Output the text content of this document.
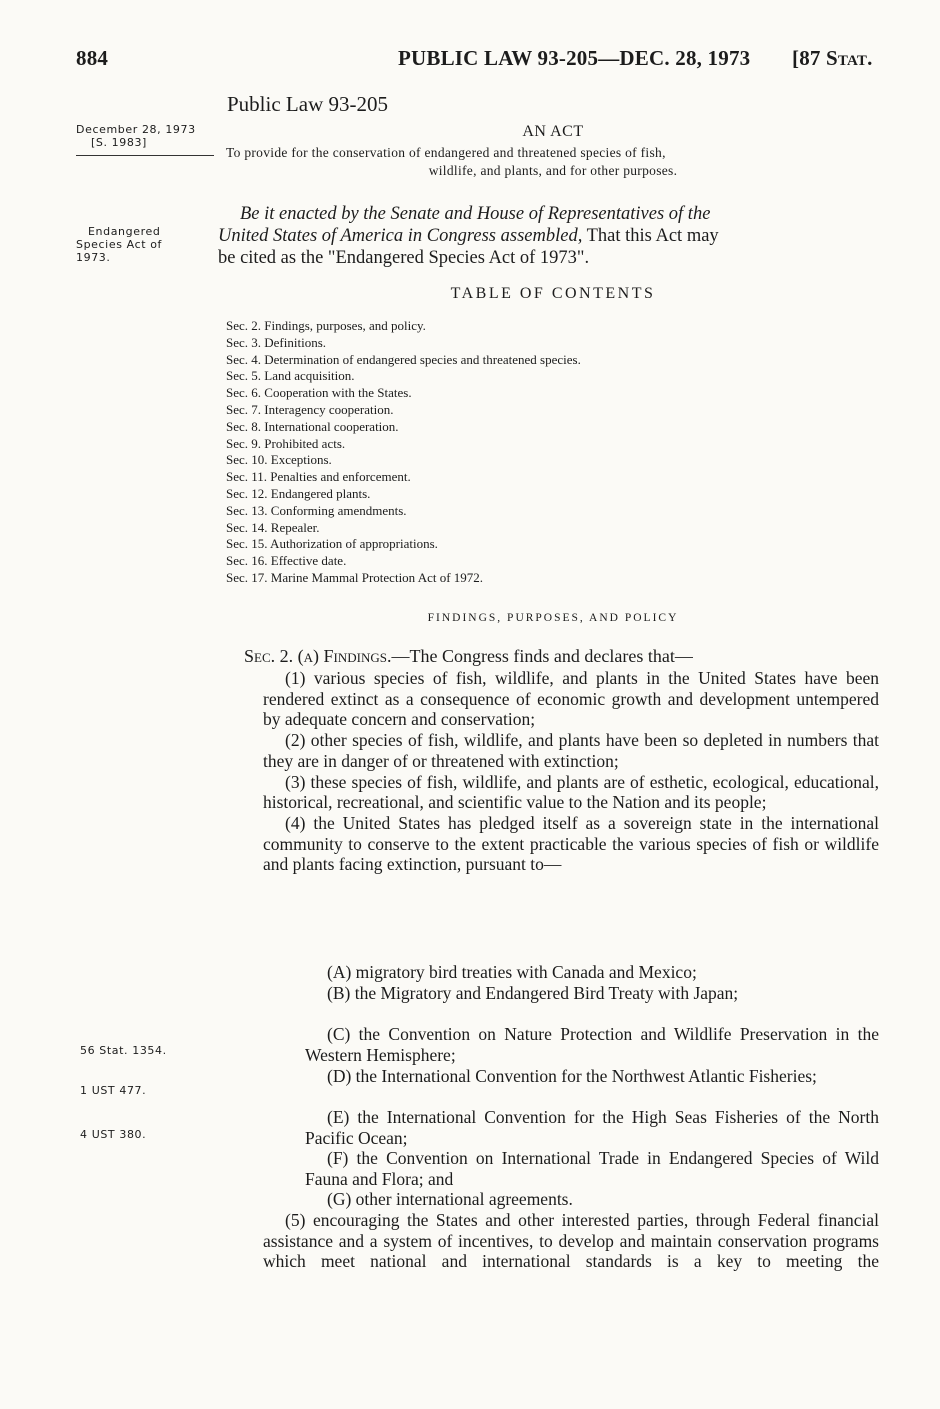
884	PUBLIC LAW 93-205—DEC. 28, 1973 [87 Stat.
Public Law 93-205
December 28, 1973
[S. 1983]
Endangered
Species Act of
1973.
56 Stat. 1354.
1 UST 477.
4 UST 380.
AN ACT
To provide for the conservation of endangered and threatened species of fish,
wildlife, and plants, and for other purposes.
Be it enacted by the Senate and House of Representatives of the
United States of America in Congress assembled, That this Act may
be cited as the "Endangered Species Act of 1973".
TABLE OF CONTENTS
Sec. 2. Findings, purposes, and policy.
Sec. 3. Definitions.
Sec. 4. Determination of endangered species and threatened species.
Sec. 5. Land acquisition.
Sec. 6. Cooperation with the States.
Sec. 7. Interagency cooperation.
Sec. 8. International cooperation.
Sec. 9. Prohibited acts.
Sec. 10. Exceptions.
Sec. 11. Penalties and enforcement.
Sec. 12. Endangered plants.
Sec. 13. Conforming amendments.
Sec. 14. Repealer.
Sec. 15. Authorization of appropriations.
Sec. 16. Effective date.
Sec. 17. Marine Mammal Protection Act of 1972.
FINDINGS, PURPOSES, AND POLICY
Sec. 2. (a) Findings.—The Congress finds and declares that—
(1) various species of fish, wildlife, and plants in the United States have been rendered extinct as a consequence of economic growth and development untempered by adequate concern and conservation;
(2) other species of fish, wildlife, and plants have been so depleted in numbers that they are in danger of or threatened with extinction;
(3) these species of fish, wildlife, and plants are of esthetic, ecological, educational, historical, recreational, and scientific value to the Nation and its people;
(4) the United States has pledged itself as a sovereign state in the international community to conserve to the extent practicable the various species of fish or wildlife and plants facing extinction, pursuant to—
(A) migratory bird treaties with Canada and Mexico;
(B) the Migratory and Endangered Bird Treaty with Japan;
(C) the Convention on Nature Protection and Wildlife Preservation in the Western Hemisphere;
(D) the International Convention for the Northwest Atlantic Fisheries;
(E) the International Convention for the High Seas Fisheries of the North Pacific Ocean;
(F) the Convention on International Trade in Endangered Species of Wild Fauna and Flora; and
(G) other international agreements.
(5) encouraging the States and other interested parties, through Federal financial assistance and a system of incentives, to develop and maintain conservation programs which meet national and international standards is a key to meeting the
